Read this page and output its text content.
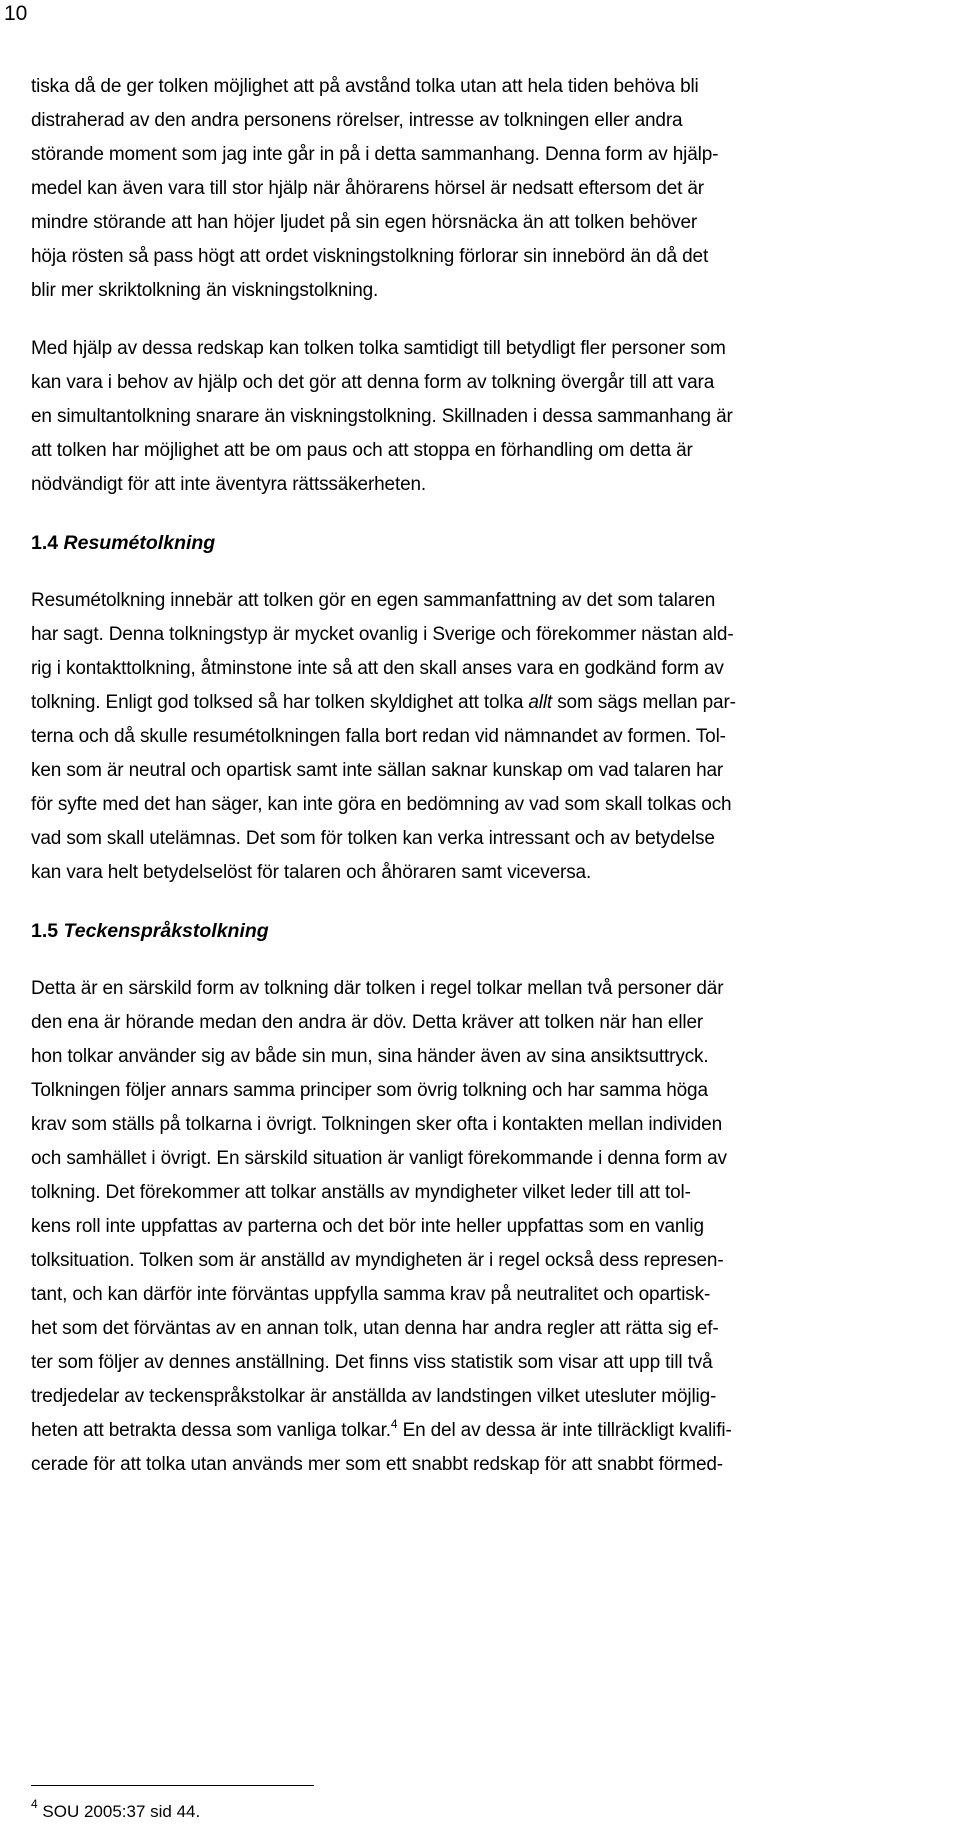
10
tiska då de ger tolken möjlighet att på avstånd tolka utan att hela tiden behöva bli
distraherad av den andra personens rörelser, intresse av tolkningen eller andra
störande moment som jag inte går in på i detta sammanhang. Denna form av hjälp-
medel kan även vara till stor hjälp när åhörarens hörsel är nedsatt eftersom det är
mindre störande att han höjer ljudet på sin egen hörsnäcka än att tolken behöver
höja rösten så pass högt att ordet viskningstolkning förlorar sin innebörd än då det
blir mer skriktolkning än viskningstolkning.
Med hjälp av dessa redskap kan tolken tolka samtidigt till betydligt fler personer som
kan vara i behov av hjälp och det gör att denna form av tolkning övergår till att vara
en simultantolkning snarare än viskningstolkning. Skillnaden i dessa sammanhang är
att tolken har möjlighet att be om paus och att stoppa en förhandling om detta är
nödvändigt för att inte äventyra rättssäkerheten.
1.4 Resumétolkning
Resumétolkning innebär att tolken gör en egen sammanfattning av det som talaren
har sagt. Denna tolkningstyp är mycket ovanlig i Sverige och förekommer nästan ald-
rig i kontakttolkning, åtminstone inte så att den skall anses vara en godkänd form av
tolkning. Enligt god tolksed så har tolken skyldighet att tolka allt som sägs mellan par-
terna och då skulle resumétolkningen falla bort redan vid nämnandet av formen. Tol-
ken som är neutral och opartisk samt inte sällan saknar kunskap om vad talaren har
för syfte med det han säger, kan inte göra en bedömning av vad som skall tolkas och
vad som skall utelämnas. Det som för tolken kan verka intressant och av betydelse
kan vara helt betydelselöst för talaren och åhöraren samt viceversa.
1.5 Teckenspråkstolkning
Detta är en särskild form av tolkning där tolken i regel tolkar mellan två personer där
den ena är hörande medan den andra är döv. Detta kräver att tolken när han eller
hon tolkar använder sig av både sin mun, sina händer även av sina ansiktsuttryck.
Tolkningen följer annars samma principer som övrig tolkning och har samma höga
krav som ställs på tolkarna i övrigt. Tolkningen sker ofta i kontakten mellan individen
och samhället i övrigt. En särskild situation är vanligt förekommande i denna form av
tolkning. Det förekommer att tolkar anställs av myndigheter vilket leder till att tol-
kens roll inte uppfattas av parterna och det bör inte heller uppfattas som en vanlig
tolksituation. Tolken som är anställd av myndigheten är i regel också dess represen-
tant, och kan därför inte förväntas uppfylla samma krav på neutralitet och opartisk-
het som det förväntas av en annan tolk, utan denna har andra regler att rätta sig ef-
ter som följer av dennes anställning. Det finns viss statistik som visar att upp till två
tredjedelar av teckenspråkstolkar är anställda av landstingen vilket utesluter möjlig-
heten att betrakta dessa som vanliga tolkar.$^4$ En del av dessa är inte tillräckligt kvalifi-
cerade för att tolka utan används mer som ett snabbt redskap för att snabbt förmed-
$^4$ SOU 2005:37 sid 44.
